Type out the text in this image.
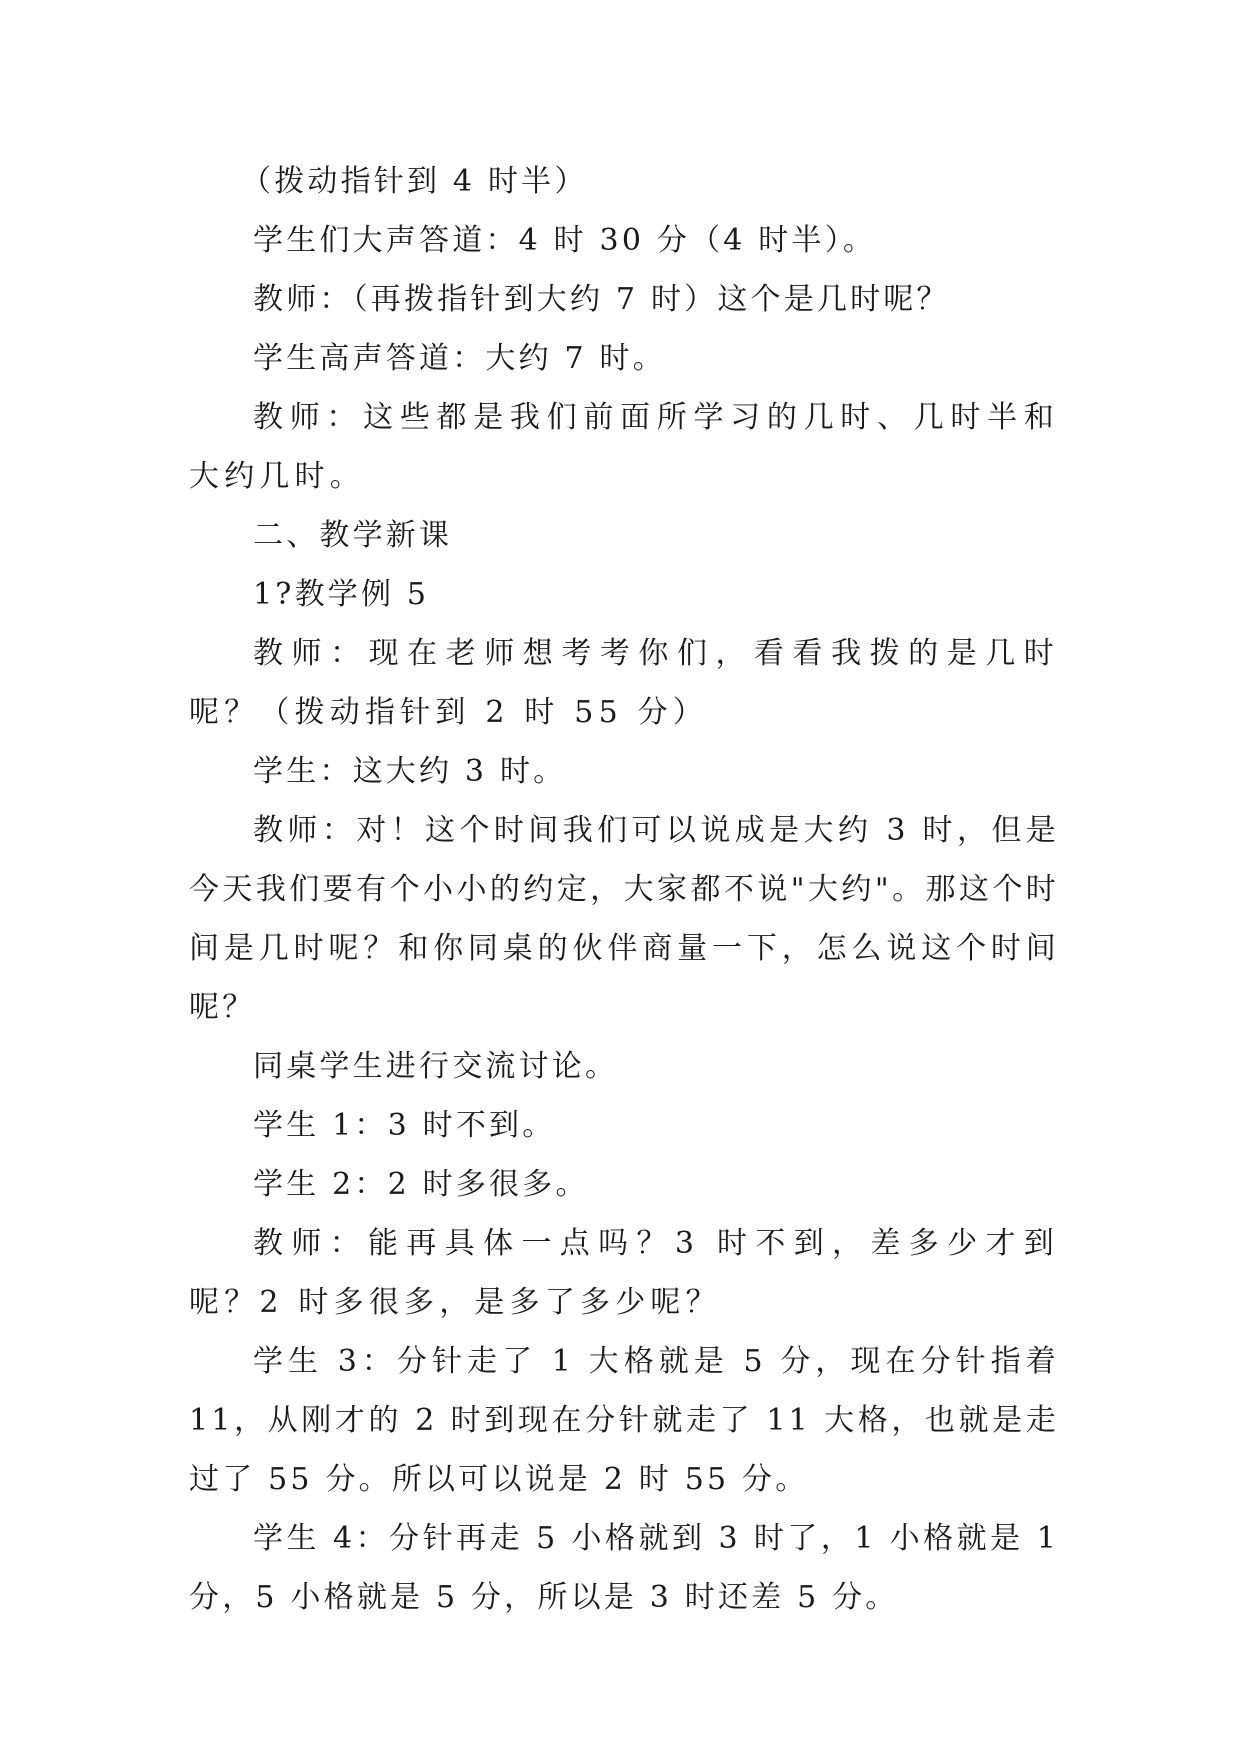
（拨动指针到 4 时半）

学生们大声答道：4 时 30 分（4 时半）。

教师：（再拨指针到大约 7 时）这个是几时呢？

学生高声答道：大约 7 时。

教师：这些都是我们前面所学习的几时、几时半和大约几时。

二、教学新课

1?教学例 5

教师：现在老师想考考你们，看看我拨的是几时呢？（拨动指针到 2 时 55 分）

学生：这大约 3 时。

教师：对！这个时间我们可以说成是大约 3 时，但是今天我们要有个小小的约定，大家都不说"大约"。那这个时间是几时呢？和你同桌的伙伴商量一下，怎么说这个时间呢？

同桌学生进行交流讨论。

学生 1：3 时不到。

学生 2：2 时多很多。

教师：能再具体一点吗？3 时不到，差多少才到呢？2 时多很多，是多了多少呢？

学生 3：分针走了 1 大格就是 5 分，现在分针指着 11，从刚才的 2 时到现在分针就走了 11 大格，也就是走过了 55 分。所以可以说是 2 时 55 分。

学生 4：分针再走 5 小格就到 3 时了，1 小格就是 1 分，5 小格就是 5 分，所以是 3 时还差 5 分。
